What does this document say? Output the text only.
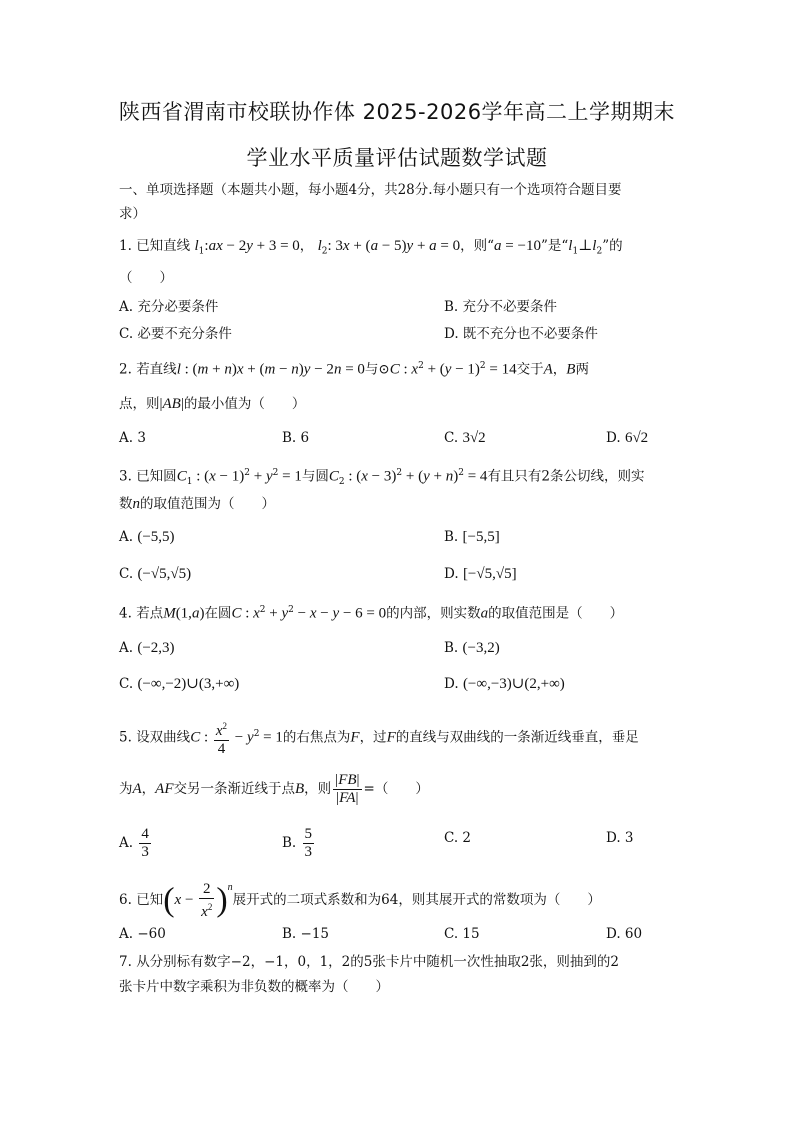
陕西省渭南市校联协作体 2025-2026学年高二上学期期末
学业水平质量评估试题数学试题
一、单项选择题（本题共小题，每小题4分，共28分.每小题只有一个选项符合题目要
求）
1. 已知直线 $l_1:ax - 2y + 3 = 0$， $l_2$: 3x + (a − 5)y + a = 0，则“a = −10”是“$l_1\perp l_2$”的
（　　）
A. 充分必要条件	B. 充分不必要条件
C. 必要不充分条件	D. 既不充分也不必要条件
2. 若直线l : (m + n)x + (m − n)y − 2n = 0与⊙C : $x^2 + (y - 1)^2 = 14$交于A，B两
点，则|AB|的最小值为（　　）
A. 3	B. 6	C. 3√2	D. 6√2
3. 已知圆$C_1$ : $(x - 1)^2 + y^2 = 1$与圆$C_2$ : $(x - 3)^2 + (y + n)^2 = 4$有且只有2条公切线，则实
数n的取值范围为（　　）
A. (−5,5)	B. [−5,5]
C. (−√5,√5)	D. [−√5,√5]
4. 若点M(1,a)在圆C : $x^2 + y^2 - x - y - 6 = 0$的内部，则实数a的取值范围是（　　）
A. (−2,3)	B. (−3,2)
C. (−∞,−2)∪(3,+∞)	D. (−∞,−3)∪(2,+∞)
5. 设双曲线C : $\frac{x^2}{4} - y^2 = 1$的右焦点为F，过F的直线与双曲线的一条渐近线垂直，垂足
为A，AF交另一条渐近线于点B，则 $\frac{|FB|}{|FA|}$ =（　　）
A. $\frac{4}{3}$	B. $\frac{5}{3}$	C. 2	D. 3
6. 已知$(x - \frac{2}{x^2} )^n$展开式的二项式系数和为64，则其展开式的常数项为（　　）
A. −60	B. −15	C. 15	D. 60
7. 从分别标有数字−2，−1，0，1，2的5张卡片中随机一次性抽取2张，则抽到的2
张卡片中数字乘积为非负数的概率为（　　）
